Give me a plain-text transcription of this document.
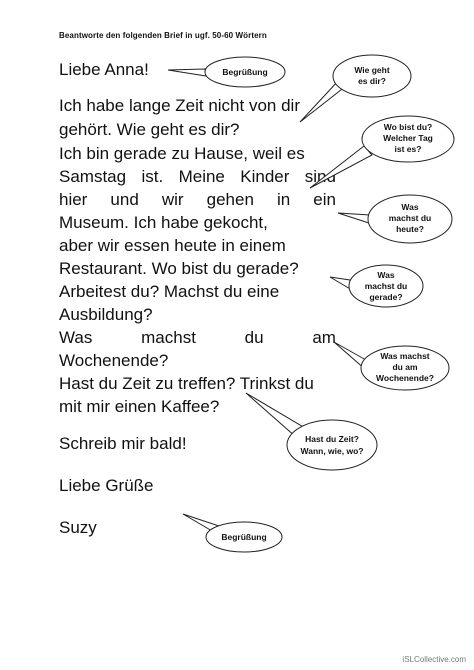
Beantworte den folgenden Brief in ugf. 50-60 Wörtern
Liebe Anna!
Ich habe lange Zeit nicht von dir
gehört. Wie geht es dir?
Ich bin gerade zu Hause, weil es
Samstag ist. Meine Kinder sind
hier und wir gehen in ein
Museum. Ich habe gekocht,
aber wir essen heute in einem
Restaurant. Wo bist du gerade?
Arbeitest du? Machst du eine
Ausbildung?
Was	machst	du	am
Wochenende?
Hast du Zeit zu treffen? Trinkst du
mit mir einen Kaffee?
Schreib mir bald!
Liebe Grüße
Suzy
Begrüßung	Wie geht
es dir?
Wo bist du?
Welcher Tag
ist es?
Was
machst du
heute?
Was
machst du
gerade?
Was machst
du am
Wochenende?
Hast du Zeit?
Wann, wie, wo?
Begrüßung
iSLCollective.com
